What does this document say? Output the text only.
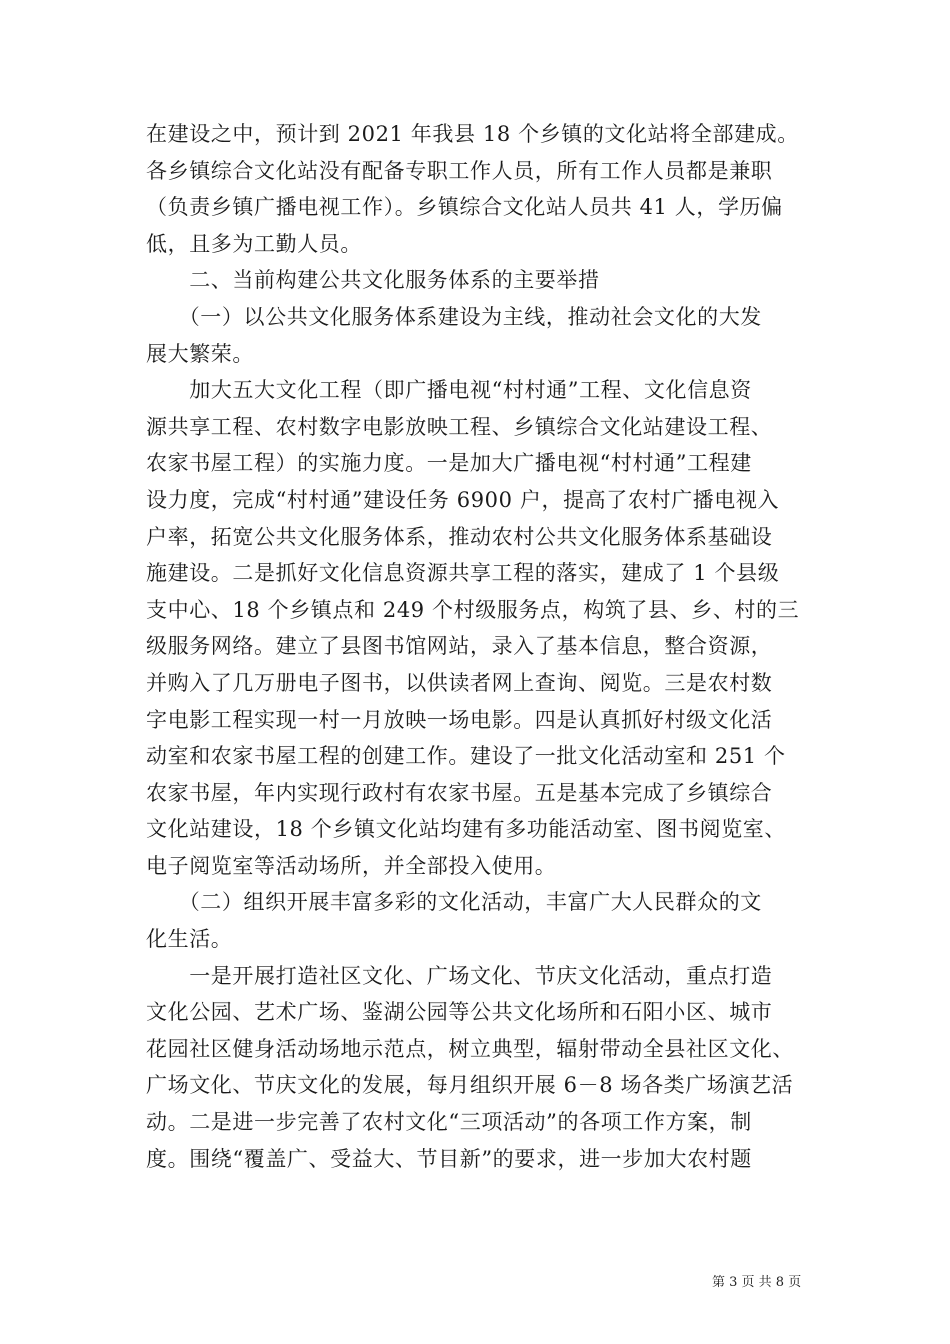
在建设之中，预计到 2021 年我县 18 个乡镇的文化站将全部建成。
各乡镇综合文化站没有配备专职工作人员，所有工作人员都是兼职
（负责乡镇广播电视工作）。乡镇综合文化站人员共 41 人，学历偏
低，且多为工勤人员。
　　二、当前构建公共文化服务体系的主要举措
　　（一）以公共文化服务体系建设为主线，推动社会文化的大发
展大繁荣。
　　加大五大文化工程（即广播电视“村村通”工程、文化信息资
源共享工程、农村数字电影放映工程、乡镇综合文化站建设工程、
农家书屋工程）的实施力度。一是加大广播电视“村村通”工程建
设力度，完成“村村通”建设任务 6900 户，提高了农村广播电视入
户率，拓宽公共文化服务体系，推动农村公共文化服务体系基础设
施建设。二是抓好文化信息资源共享工程的落实，建成了 1 个县级
支中心、18 个乡镇点和 249 个村级服务点，构筑了县、乡、村的三
级服务网络。建立了县图书馆网站，录入了基本信息，整合资源，
并购入了几万册电子图书，以供读者网上查询、阅览。三是农村数
字电影工程实现一村一月放映一场电影。四是认真抓好村级文化活
动室和农家书屋工程的创建工作。建设了一批文化活动室和 251 个
农家书屋，年内实现行政村有农家书屋。五是基本完成了乡镇综合
文化站建设，18 个乡镇文化站均建有多功能活动室、图书阅览室、
电子阅览室等活动场所，并全部投入使用。
　　（二）组织开展丰富多彩的文化活动，丰富广大人民群众的文
化生活。
　　一是开展打造社区文化、广场文化、节庆文化活动，重点打造
文化公园、艺术广场、鉴湖公园等公共文化场所和石阳小区、城市
花园社区健身活动场地示范点，树立典型，辐射带动全县社区文化、
广场文化、节庆文化的发展，每月组织开展 6－8 场各类广场演艺活
动。二是进一步完善了农村文化“三项活动”的各项工作方案，制
度。围绕“覆盖广、受益大、节目新”的要求，进一步加大农村题
第 3 页 共 8 页
